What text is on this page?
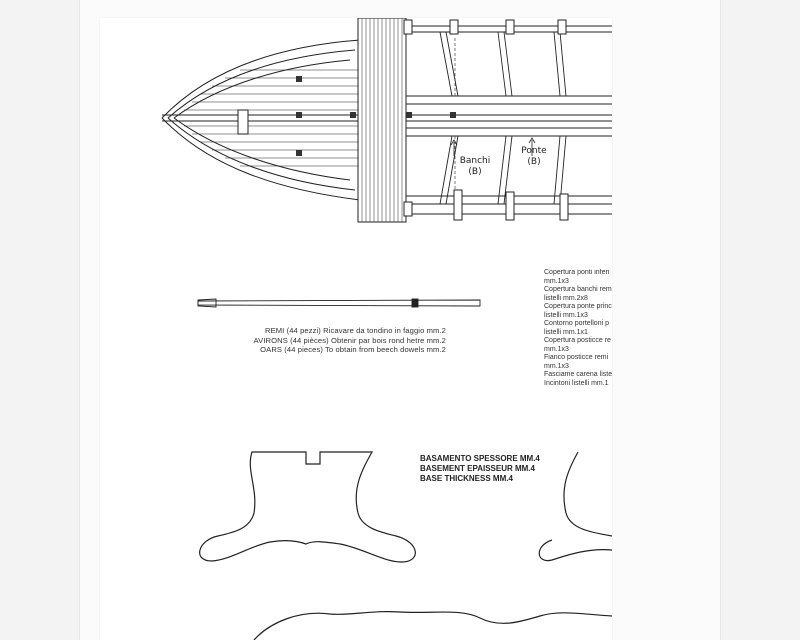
Banchi
(B)
Ponte
(B)
REMI (44 pezzi) Ricavare da tondino in faggio mm.2
AVIRONS (44 pièces) Obtenir par bois rond hetre mm.2
OARS (44 pieces) To obtain from beech dowels mm.2
BASAMENTO SPESSORE MM.4
BASEMENT EPAISSEUR MM.4
BASE THICKNESS MM.4
Copertura ponti inferi
mm.1x3
Copertura banchi rem
listelli mm.2x8
Copertura ponte princ
listelli mm.1x3
Contorno portelloni p
listelli mm.1x1
Copertura posticce re
mm.1x3
Fianco posticce remi
mm.1x3
Fasciame carena liste
Incintoni listelli mm.1
